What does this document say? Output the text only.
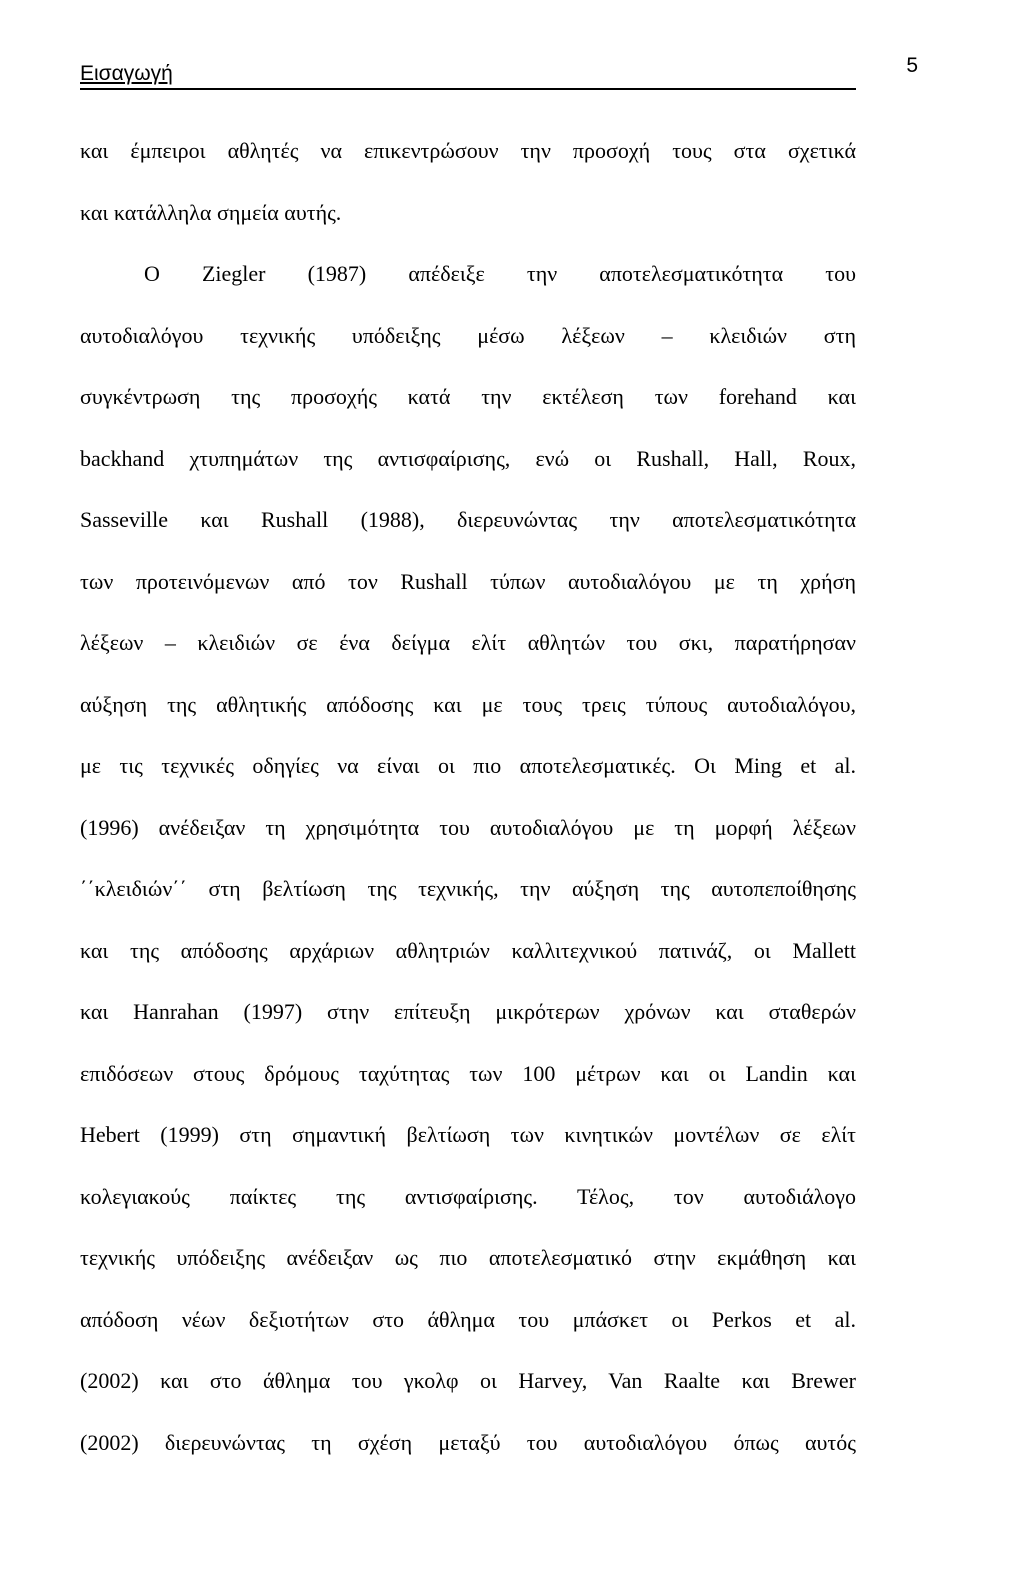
Εισαγωγή	5
και έμπειροι αθλητές να επικεντρώσουν την προσοχή τους στα σχετικά
και κατάλληλα σημεία αυτής.
Ο Ziegler (1987) απέδειξε την αποτελεσματικότητα του
αυτοδιαλόγου τεχνικής υπόδειξης μέσω λέξεων – κλειδιών στη
συγκέντρωση της προσοχής κατά την εκτέλεση των forehand και
backhand χτυπημάτων της αντισφαίρισης, ενώ οι Rushall, Hall, Roux,
Sasseville και Rushall (1988), διερευνώντας την αποτελεσματικότητα
των προτεινόμενων από τον Rushall τύπων αυτοδιαλόγου με τη χρήση
λέξεων – κλειδιών σε ένα δείγμα ελίτ αθλητών του σκι, παρατήρησαν
αύξηση της αθλητικής απόδοσης και με τους τρεις τύπους αυτοδιαλόγου,
με τις τεχνικές οδηγίες να είναι οι πιο αποτελεσματικές. Οι Ming et al.
(1996) ανέδειξαν τη χρησιμότητα του αυτοδιαλόγου με τη μορφή λέξεων
΄΄κλειδιών΄΄ στη βελτίωση της τεχνικής, την αύξηση της αυτοπεποίθησης
και της απόδοσης αρχάριων αθλητριών καλλιτεχνικού πατινάζ, οι Mallett
και Hanrahan (1997) στην επίτευξη μικρότερων χρόνων και σταθερών
επιδόσεων στους δρόμους ταχύτητας των 100 μέτρων και οι Landin και
Hebert (1999) στη σημαντική βελτίωση των κινητικών μοντέλων σε ελίτ
κολεγιακούς παίκτες της αντισφαίρισης. Τέλος, τον αυτοδιάλογο
τεχνικής υπόδειξης ανέδειξαν ως πιο αποτελεσματικό στην εκμάθηση και
απόδοση νέων δεξιοτήτων στο άθλημα του μπάσκετ οι Perkos et al.
(2002) και στο άθλημα του γκολφ οι Harvey, Van Raalte και Brewer
(2002) διερευνώντας τη σχέση μεταξύ του αυτοδιαλόγου όπως αυτός
